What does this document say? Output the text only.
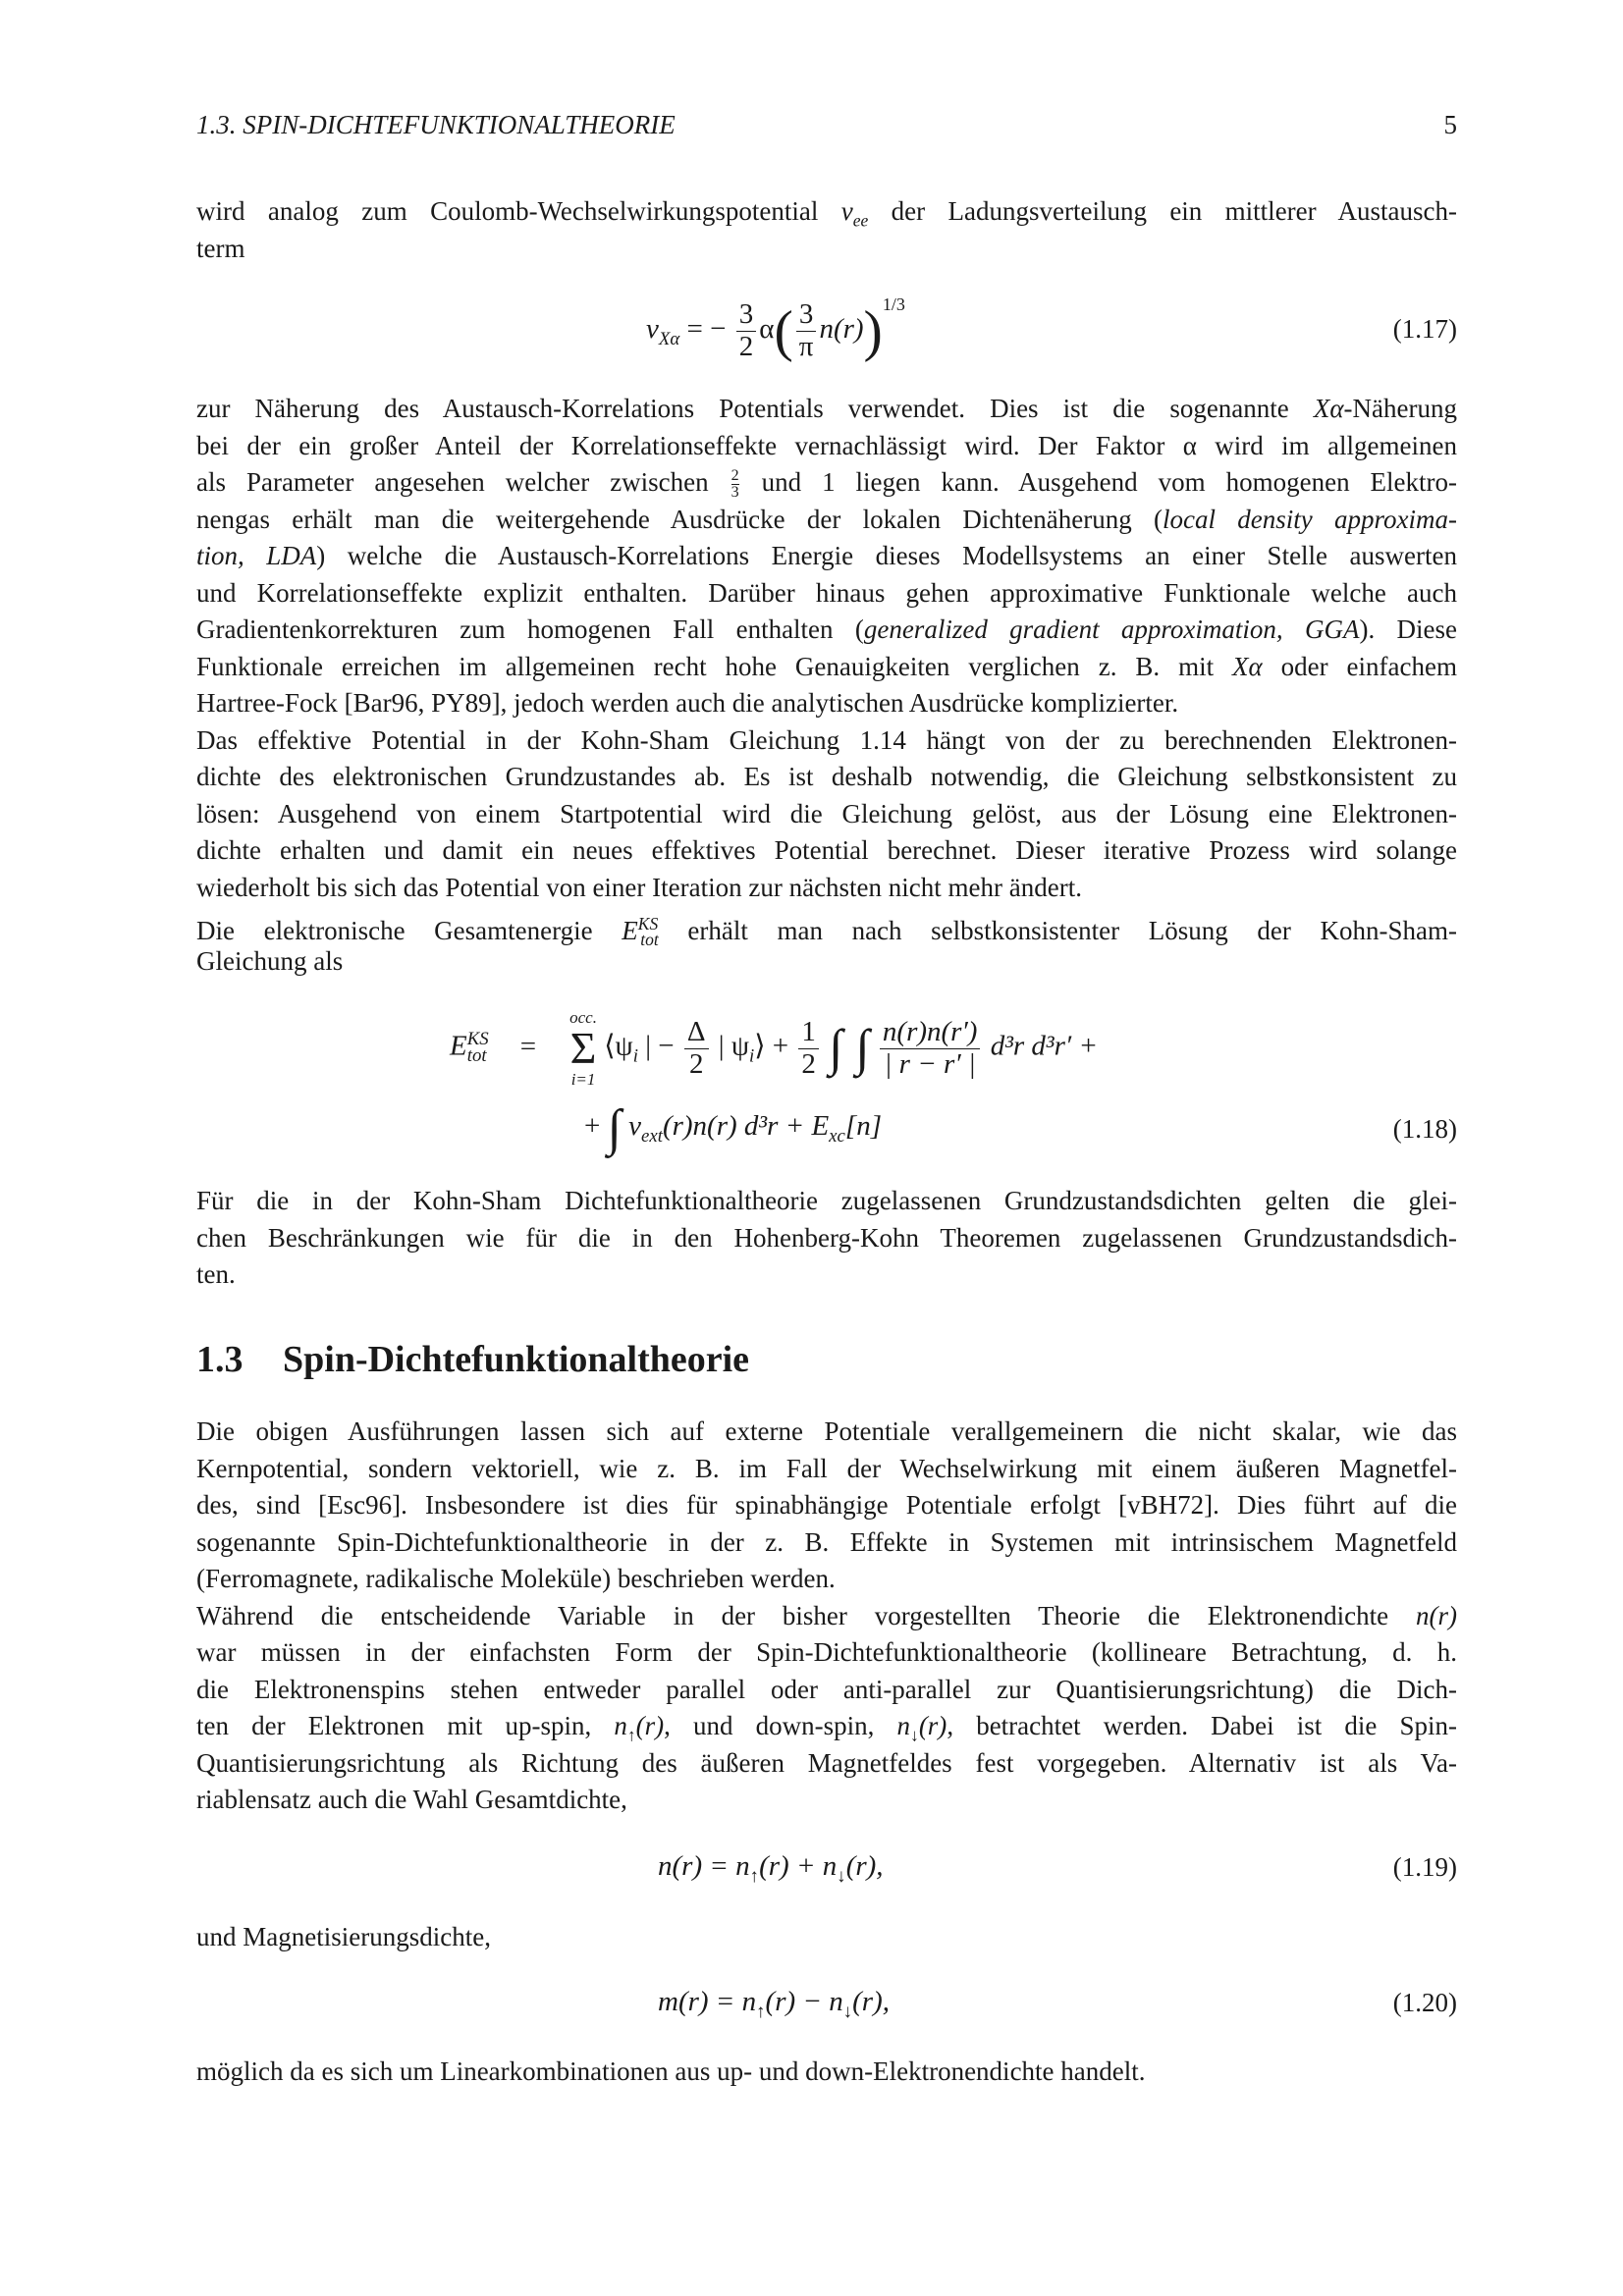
1.3. SPIN-DICHTEFUNKTIONALTHEORIE	5
wird analog zum Coulomb-Wechselwirkungspotential $v_{ee}$ der Ladungsverteilung ein mittlerer Austausch-
term
$v_{X\alpha}$ = − $\frac{3}{2} \alpha( \frac{3}{\pi} n(r))^{1/3}$
(1.17)
zur Näherung des Austausch-Korrelations Potentials verwendet. Dies ist die sogenannte Xα-Näherung
bei der ein großer Anteil der Korrelationseffekte vernachlässigt wird. Der Faktor α wird im allgemeinen
als Parameter angesehen welcher zwischen $\frac{2}{3}$ und 1 liegen kann. Ausgehend vom homogenen Elektro-
nengas erhält man die weitergehende Ausdrücke der lokalen Dichtenäherung (local density approxima-
tion, LDA) welche die Austausch-Korrelations Energie dieses Modellsystems an einer Stelle auswerten
und Korrelationseffekte explizit enthalten. Darüber hinaus gehen approximative Funktionale welche auch
Gradientenkorrekturen zum homogenen Fall enthalten (generalized gradient approximation, GGA). Diese
Funktionale erreichen im allgemeinen recht hohe Genauigkeiten verglichen z. B. mit Xα oder einfachem
Hartree-Fock [Bar96, PY89], jedoch werden auch die analytischen Ausdrücke komplizierter.
Das effektive Potential in der Kohn-Sham Gleichung 1.14 hängt von der zu berechnenden Elektronen-
dichte des elektronischen Grundzustandes ab. Es ist deshalb notwendig, die Gleichung selbstkonsistent zu
lösen: Ausgehend von einem Startpotential wird die Gleichung gelöst, aus der Lösung eine Elektronen-
dichte erhalten und damit ein neues effektives Potential berechnet. Dieser iterative Prozess wird solange
wiederholt bis sich das Potential von einer Iteration zur nächsten nicht mehr ändert.
Die elektronische Gesamtenergie $E^{KS}_{tot}$ erhält man nach selbstkonsistenter Lösung der Kohn-Sham-
Gleichung als
$E^{KS}_{tot}$ =
occ.
Σ
i=1
$⟨\psi_i$ | − $\frac{\Delta}{2}$ | $\psi_i⟩ + \frac{1}{2}$ ∫ ∫ $\frac{n(r)n(r')}{| r - r' |} d^3r$ d³r′ +
+ ∫ $v_{ext}(r)n(r) d^3r + E_{xc}[n]$	(1.18)
Für die in der Kohn-Sham Dichtefunktionaltheorie zugelassenen Grundzustandsdichten gelten die glei-
chen Beschränkungen wie für die in den Hohenberg-Kohn Theoremen zugelassenen Grundzustandsdich-
ten.
1.3 Spin-Dichtefunktionaltheorie
Die obigen Ausführungen lassen sich auf externe Potentiale verallgemeinern die nicht skalar, wie das
Kernpotential, sondern vektoriell, wie z. B. im Fall der Wechselwirkung mit einem äußeren Magnetfel-
des, sind [Esc96]. Insbesondere ist dies für spinabhängige Potentiale erfolgt [vBH72]. Dies führt auf die
sogenannte Spin-Dichtefunktionaltheorie in der z. B. Effekte in Systemen mit intrinsischem Magnetfeld
(Ferromagnete, radikalische Moleküle) beschrieben werden.
Während die entscheidende Variable in der bisher vorgestellten Theorie die Elektronendichte n(r)
war müssen in der einfachsten Form der Spin-Dichtefunktionaltheorie (kollineare Betrachtung, d. h.
die Elektronenspins stehen entweder parallel oder anti-parallel zur Quantisierungsrichtung) die Dich-
ten der Elektronen mit up-spin, $n_↑(r)$, und down-spin, $n_↓(r)$, betrachtet werden. Dabei ist die Spin-
Quantisierungsrichtung als Richtung des äußeren Magnetfeldes fest vorgegeben. Alternativ ist als Va-
riablensatz auch die Wahl Gesamtdichte,
$n(r) = n_↑(r) + n_↓(r)$,	(1.19)
und Magnetisierungsdichte,
$m(r) = n_↑(r) - n_↓(r)$,	(1.20)
möglich da es sich um Linearkombinationen aus up- und down-Elektronendichte handelt.
